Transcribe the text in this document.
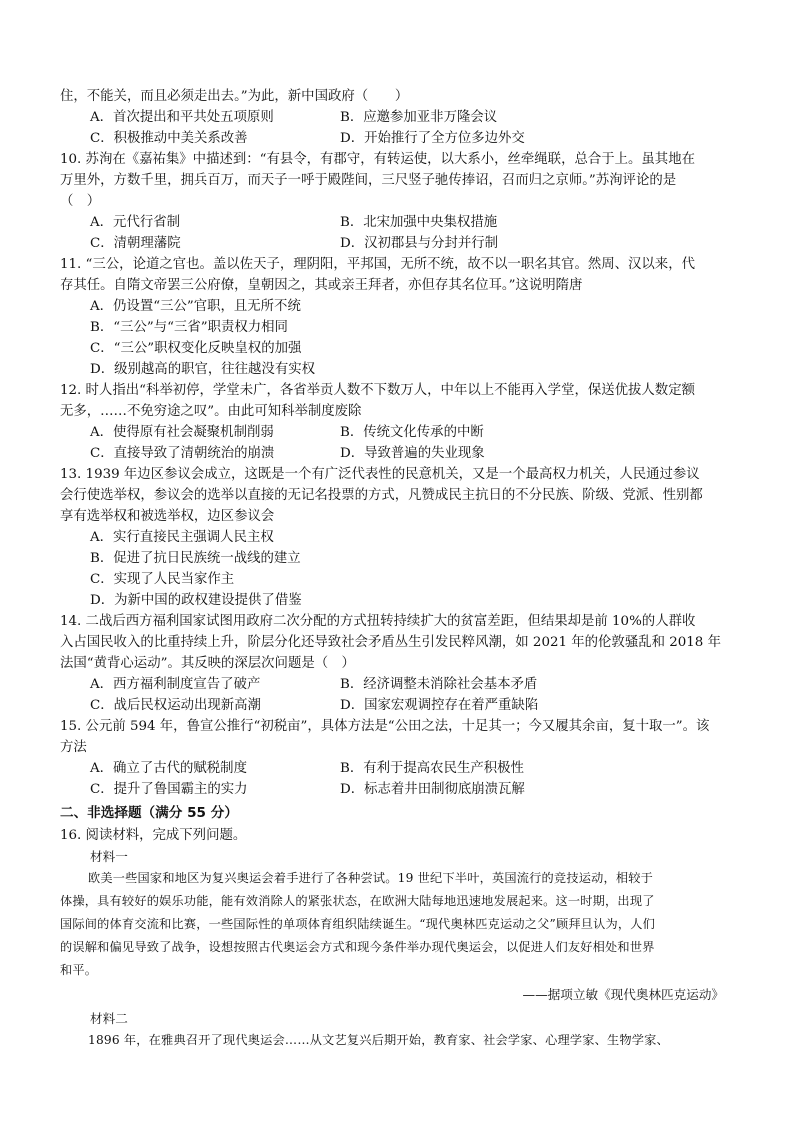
住，不能关，而且必须走出去。”为此，新中国政府（　　）
A．首次提出和平共处五项原则	B．应邀参加亚非万隆会议
C．积极推动中美关系改善	D．开始推行了全方位多边外交
10. 苏洵在《嘉祐集》中描述到：“有县令，有郡守，有转运使，以大系小，丝牵绳联，总合于上。虽其地在
万里外，方数千里，拥兵百万，而天子一呼于殿陛间，三尺竖子驰传捧诏，召而归之京师。”苏洵评论的是
（　）
A．元代行省制	B．北宋加强中央集权措施
C．清朝理藩院	D．汉初郡县与分封并行制
11. “三公，论道之官也。盖以佐天子，理阴阳，平邦国，无所不统，故不以一职名其官。然周、汉以来，代
存其任。自隋文帝罢三公府僚，皇朝因之，其或亲王拜者，亦但存其名位耳。”这说明隋唐
A．仍设置“三公”官职，且无所不统
B．“三公”与“三省”职责权力相同
C．“三公”职权变化反映皇权的加强
D．级别越高的职官，往往越没有实权
12. 时人指出“科举初停，学堂未广，各省举贡人数不下数万人，中年以上不能再入学堂，保送优拔人数定额
无多，……不免穷途之叹”。由此可知科举制度废除
A．使得原有社会凝聚机制削弱	B．传统文化传承的中断
C．直接导致了清朝统治的崩溃	D．导致普遍的失业现象
13. 1939 年边区参议会成立，这既是一个有广泛代表性的民意机关，又是一个最高权力机关，人民通过参议
会行使选举权，参议会的选举以直接的无记名投票的方式，凡赞成民主抗日的不分民族、阶级、党派、性别都
享有选举权和被选举权，边区参议会
A．实行直接民主强调人民主权
B．促进了抗日民族统一战线的建立
C．实现了人民当家作主
D．为新中国的政权建设提供了借鉴
14. 二战后西方福利国家试图用政府二次分配的方式扭转持续扩大的贫富差距，但结果却是前 10%的人群收
入占国民收入的比重持续上升，阶层分化还导致社会矛盾丛生引发民粹风潮，如 2021 年的伦敦骚乱和 2018 年
法国“黄背心运动”。其反映的深层次问题是（　）
A．西方福利制度宣告了破产	B．经济调整未消除社会基本矛盾
C．战后民权运动出现新高潮	D．国家宏观调控存在着严重缺陷
15. 公元前 594 年，鲁宣公推行“初税亩”，具体方法是“公田之法，十足其一；今又履其余亩，复十取一”。该
方法
A．确立了古代的赋税制度	B．有利于提高农民生产积极性
C．提升了鲁国霸主的实力	D．标志着井田制彻底崩溃瓦解
二、非选择题（满分 55 分）
16. 阅读材料，完成下列问题。
材料一
欧美一些国家和地区为复兴奥运会着手进行了各种尝试。19 世纪下半叶，英国流行的竞技运动，相较于
体操，具有较好的娱乐功能，能有效消除人的紧张状态，在欧洲大陆每地迅速地发展起来。这一时期，出现了
国际间的体育交流和比赛，一些国际性的单项体育组织陆续诞生。“现代奥林匹克运动之父”顾拜旦认为，人们
的误解和偏见导致了战争，设想按照古代奥运会方式和现今条件举办现代奥运会，以促进人们友好相处和世界
和平。
——据项立敏《现代奥林匹克运动》
材料二
1896 年，在雅典召开了现代奥运会……从文艺复兴后期开始，教育家、社会学家、心理学家、生物学家、
